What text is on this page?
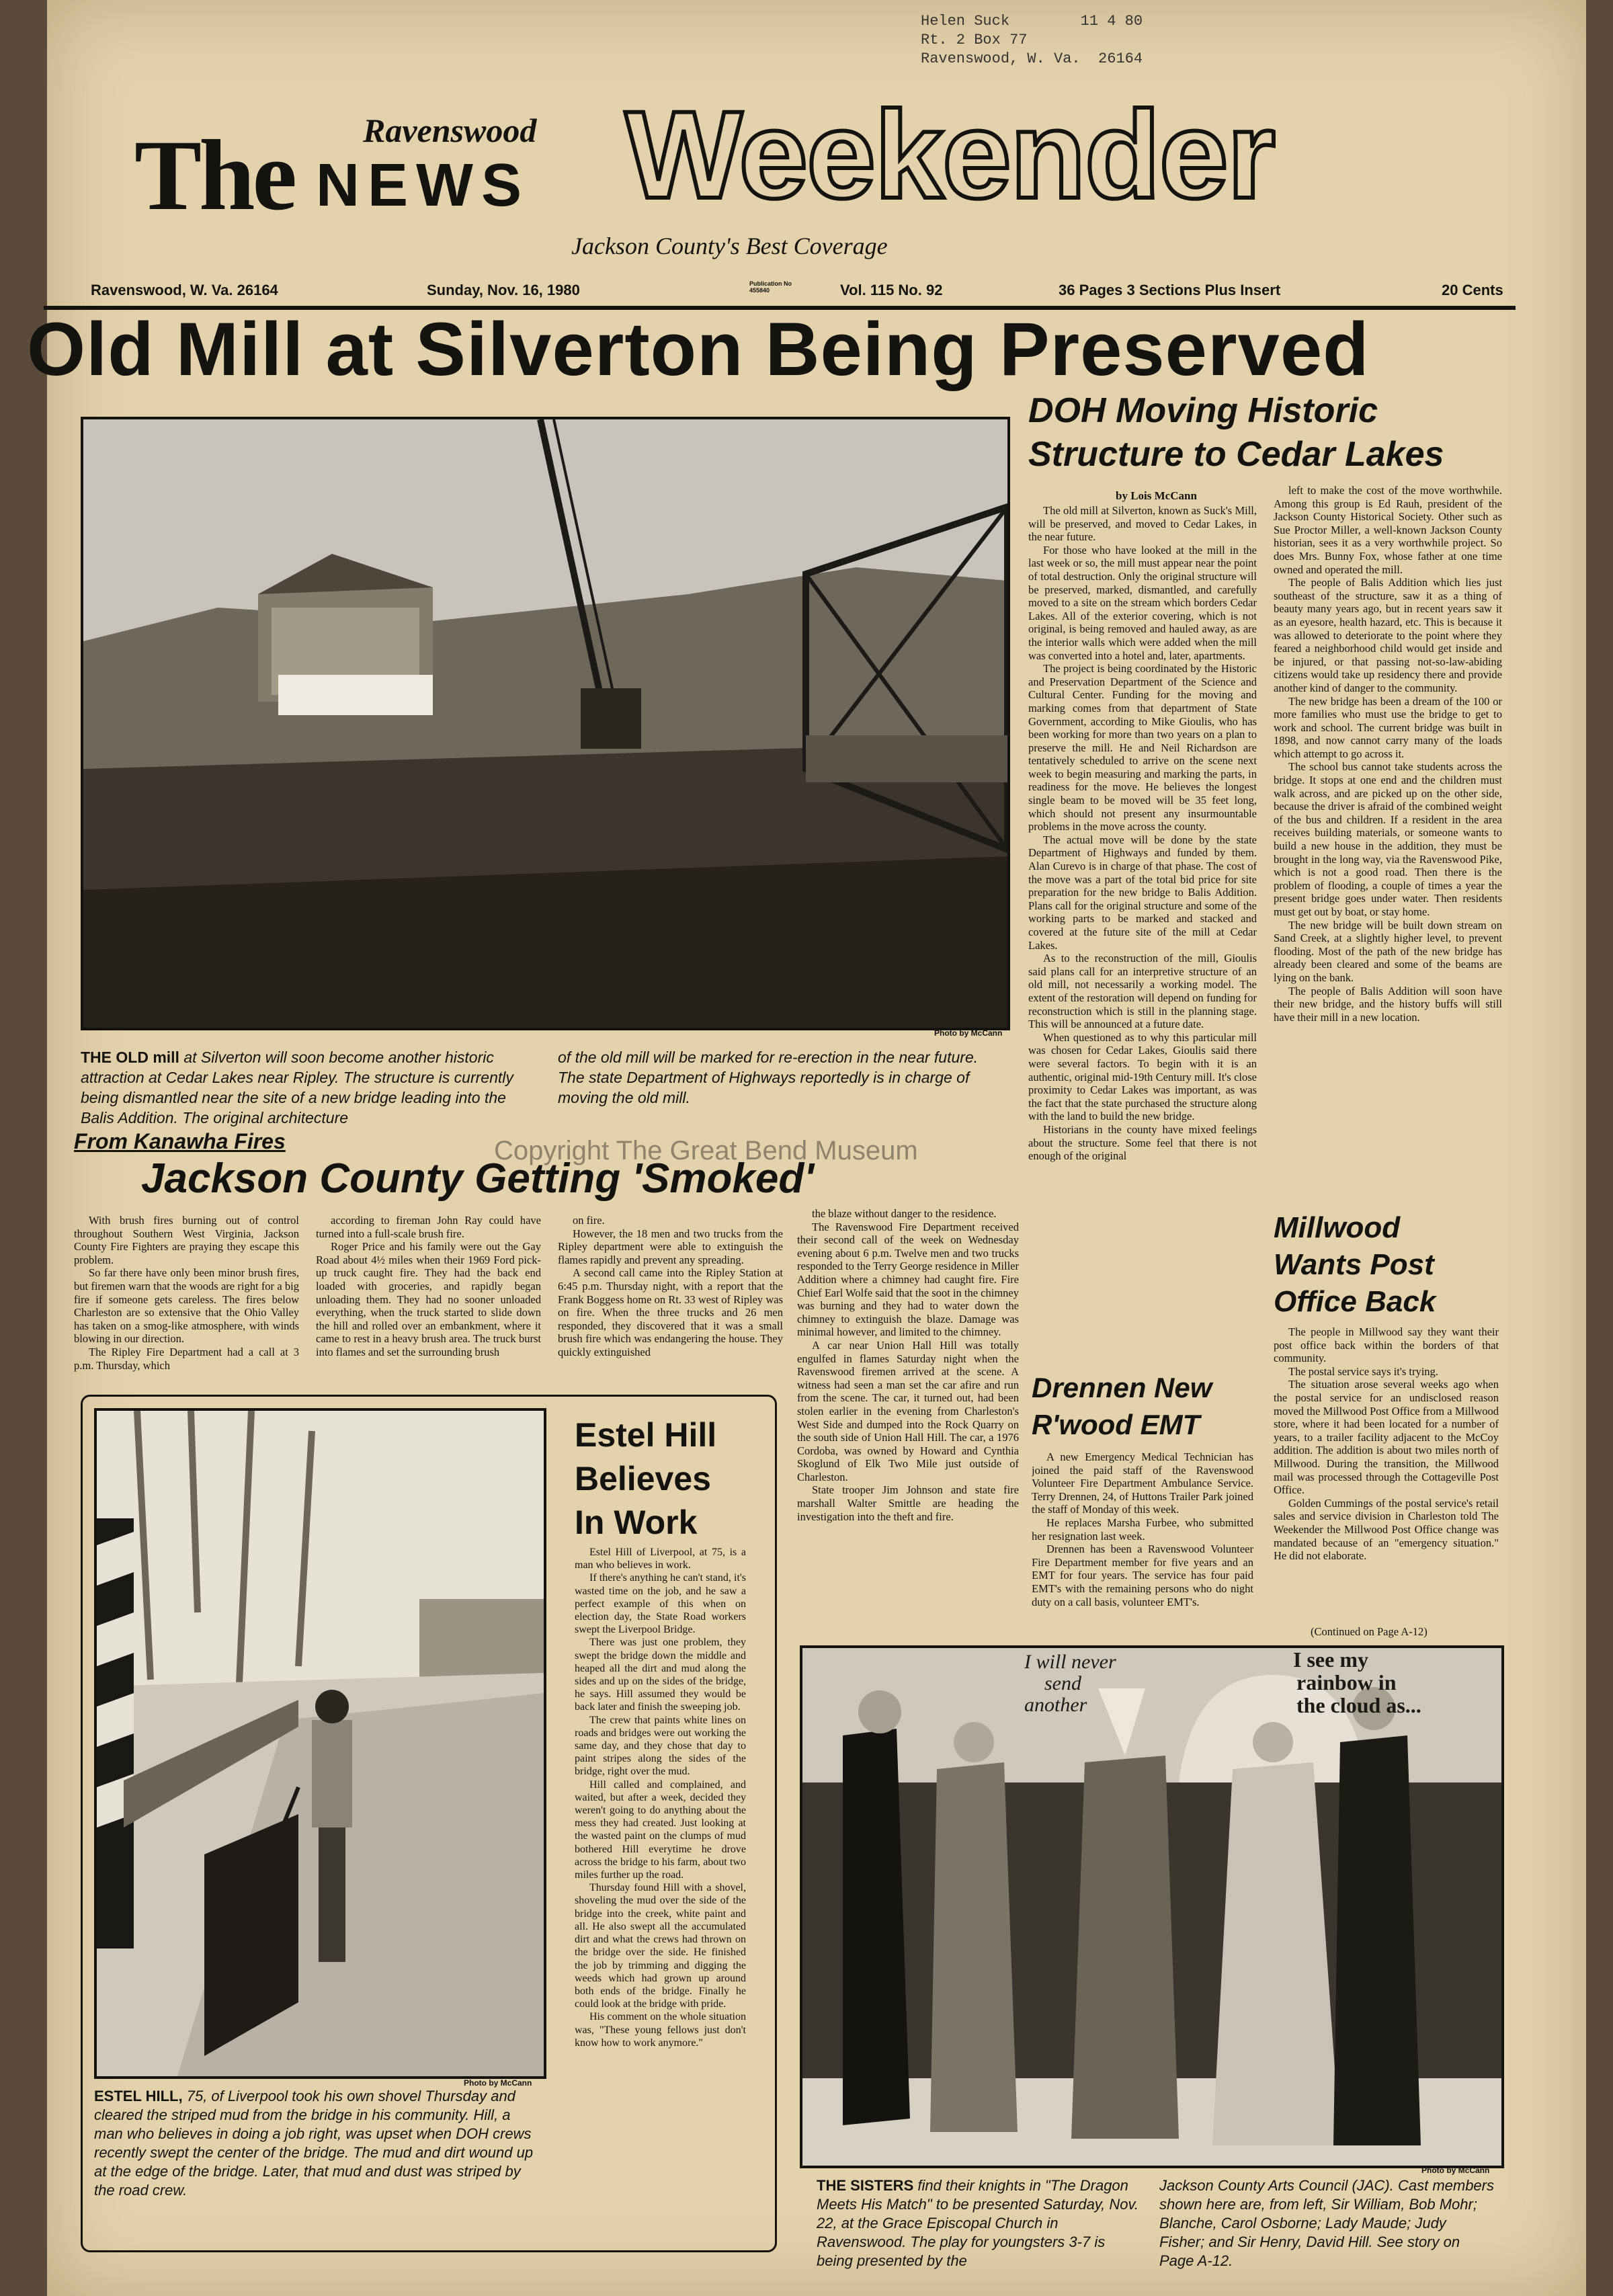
Helen Suck        11 4 80
Rt. 2 Box 77
Ravenswood, W. Va.  26164
The Ravenswood
NEWS Weekender
Jackson County's Best Coverage
Ravenswood, W. Va. 26164	Sunday, Nov. 16, 1980	Publication No 455840	Vol. 115 No. 92	36 Pages 3 Sections Plus Insert	20 Cents
Old Mill at Silverton Being Preserved
Photo by McCann
THE OLD mill at Silverton will soon become another historic attraction at Cedar Lakes near Ripley. The structure is currently being dismantled near the site of a new bridge leading into the Balis Addition. The original architecture
of the old mill will be marked for re-erection in the near future. The state Department of Highways reportedly is in charge of moving the old mill.
DOH Moving Historic
Structure to Cedar Lakes
by Lois McCann

The old mill at Silverton, known as Suck's Mill, will be preserved, and moved to Cedar Lakes, in the near future.

For those who have looked at the mill in the last week or so, the mill must appear near the point of total destruction. Only the original structure will be preserved, marked, dismantled, and carefully moved to a site on the stream which borders Cedar Lakes. All of the exterior covering, which is not original, is being removed and hauled away, as are the interior walls which were added when the mill was converted into a hotel and, later, apartments.

The project is being coordinated by the Historic and Preservation Department of the Science and Cultural Center. Funding for the moving and marking comes from that department of State Government, according to Mike Gioulis, who has been working for more than two years on a plan to preserve the mill. He and Neil Richardson are tentatively scheduled to arrive on the scene next week to begin measuring and marking the parts, in readiness for the move. He believes the longest single beam to be moved will be 35 feet long, which should not present any insurmountable problems in the move across the county.

The actual move will be done by the state Department of Highways and funded by them. Alan Curevo is in charge of that phase. The cost of the move was a part of the total bid price for site preparation for the new bridge to Balis Addition. Plans call for the original structure and some of the working parts to be marked and stacked and covered at the future site of the mill at Cedar Lakes.

As to the reconstruction of the mill, Gioulis said plans call for an interpretive structure of an old mill, not necessarily a working model. The extent of the restoration will depend on funding for reconstruction which is still in the planning stage. This will be announced at a future date.

When questioned as to why this particular mill was chosen for Cedar Lakes, Gioulis said there were several factors. To begin with it is an authentic, original mid-19th Century mill. It's close proximity to Cedar Lakes was important, as was the fact that the state purchased the structure along with the land to build the new bridge.

Historians in the county have mixed feelings about the structure. Some feel that there is not enough of the original

left to make the cost of the move worthwhile. Among this group is Ed Rauh, president of the Jackson County Historical Society. Other such as Sue Proctor Miller, a well-known Jackson County historian, sees it as a very worthwhile project. So does Mrs. Bunny Fox, whose father at one time owned and operated the mill.

The people of Balis Addition which lies just southeast of the structure, saw it as a thing of beauty many years ago, but in recent years saw it as an eyesore, health hazard, etc. This is because it was allowed to deteriorate to the point where they feared a neighborhood child would get inside and be injured, or that passing not-so-law-abiding citizens would take up residency there and provide another kind of danger to the community.

The new bridge has been a dream of the 100 or more families who must use the bridge to get to work and school. The current bridge was built in 1898, and now cannot carry many of the loads which attempt to go across it.

The school bus cannot take students across the bridge. It stops at one end and the children must walk across, and are picked up on the other side, because the driver is afraid of the combined weight of the bus and children. If a resident in the area receives building materials, or someone wants to build a new house in the addition, they must be brought in the long way, via the Ravenswood Pike, which is not a good road. Then there is the problem of flooding, a couple of times a year the present bridge goes under water. Then residents must get out by boat, or stay home.

The new bridge will be built down stream on Sand Creek, at a slightly higher level, to prevent flooding. Most of the path of the new bridge has already been cleared and some of the beams are lying on the bank.

The people of Balis Addition will soon have their new bridge, and the history buffs will still have their mill in a new location.

Copyright The Great Bend Museum
From Kanawha Fires
Jackson County Getting 'Smoked'

With brush fires burning out of control throughout Southern West Virginia, Jackson County Fire Fighters are praying they escape this problem.

So far there have only been minor brush fires, but firemen warn that the woods are right for a big fire if someone gets careless. The fires below Charleston are so extensive that the Ohio Valley has taken on a smog-like atmosphere, with winds blowing in our direction.

The Ripley Fire Department had a call at 3 p.m. Thursday, which

according to fireman John Ray could have turned into a full-scale brush fire.

Roger Price and his family were out the Gay Road about 4½ miles when their 1969 Ford pick-up truck caught fire. They had the back end loaded with groceries, and rapidly began unloading them. They had no sooner unloaded everything, when the truck started to slide down the hill and rolled over an embankment, where it came to rest in a heavy brush area. The truck burst into flames and set the surrounding brush

on fire.

However, the 18 men and two trucks from the Ripley department were able to extinguish the flames rapidly and prevent any spreading.

A second call came into the Ripley Station at 6:45 p.m. Thursday night, with a report that the Frank Boggess home on Rt. 33 west of Ripley was on fire. When the three trucks and 26 men responded, they discovered that it was a small brush fire which was endangering the house. They quickly extinguished

the blaze without danger to the residence.

The Ravenswood Fire Department received their second call of the week on Wednesday evening about 6 p.m. Twelve men and two trucks responded to the Terry George residence in Miller Addition where a chimney had caught fire. Fire Chief Earl Wolfe said that the soot in the chimney was burning and they had to water down the chimney to extinguish the blaze. Damage was minimal however, and limited to the chimney.

A car near Union Hall Hill was totally engulfed in flames Saturday night when the Ravenswood firemen arrived at the scene. A witness had seen a man set the car afire and run from the scene. The car, it turned out, had been stolen earlier in the evening from Charleston's West Side and dumped into the Rock Quarry on the south side of Union Hall Hill. The car, a 1976 Cordoba, was owned by Howard and Cynthia Skoglund of Elk Two Mile just outside of Charleston.

State trooper Jim Johnson and state fire marshall Walter Smittle are heading the investigation into the theft and fire.

Photo by McCann
ESTEL HILL, 75, of Liverpool took his own shovel Thursday and cleared the striped mud from the bridge in his community. Hill, a man who believes in doing a job right, was upset when DOH crews recently swept the center of the bridge. The mud and dirt wound up at the edge of the bridge. Later, that mud and dust was striped by the road crew.
Estel Hill
Believes
In Work

Estel Hill of Liverpool, at 75, is a man who believes in work.

If there's anything he can't stand, it's wasted time on the job, and he saw a perfect example of this when on election day, the State Road workers swept the Liverpool Bridge.

There was just one problem, they swept the bridge down the middle and heaped all the dirt and mud along the sides and up on the sides of the bridge, he says. Hill assumed they would be back later and finish the sweeping job.

The crew that paints white lines on roads and bridges were out working the same day, and they chose that day to paint stripes along the sides of the bridge, right over the mud.

Hill called and complained, and waited, but after a week, decided they weren't going to do anything about the mess they had created. Just looking at the wasted paint on the clumps of mud bothered Hill everytime he drove across the bridge to his farm, about two miles further up the road.

Thursday found Hill with a shovel, shoveling the mud over the side of the bridge into the creek, white paint and all. He also swept all the accumulated dirt and what the crews had thrown on the bridge over the side. He finished the job by trimming and digging the weeds which had grown up around both ends of the bridge. Finally he could look at the bridge with pride.

His comment on the whole situation was, "These young fellows just don't know how to work anymore."

Drennen New
R'wood EMT

A new Emergency Medical Technician has joined the paid staff of the Ravenswood Volunteer Fire Department Ambulance Service. Terry Drennen, 24, of Huttons Trailer Park joined the staff of Monday of this week.

He replaces Marsha Furbee, who submitted her resignation last week.

Drennen has been a Ravenswood Volunteer Fire Department member for five years and an EMT for four years. The service has four paid EMT's with the remaining persons who do night duty on a call basis, volunteer EMT's.

Millwood
Wants Post
Office Back

The people in Millwood say they want their post office back within the borders of that community.

The postal service says it's trying.

The situation arose several weeks ago when the postal service for an undisclosed reason moved the Millwood Post Office from a Millwood store, where it had been located for a number of years, to a trailer facility adjacent to the McCoy addition. The addition is about two miles north of Millwood. During the transition, the Millwood mail was processed through the Cottageville Post Office.

Golden Cummings of the postal service's retail sales and service division in Charleston told The Weekender the Millwood Post Office change was mandated because of an "emergency situation." He did not elaborate.

(Continued on Page A-12)
I will never
send
another
I see my
rainbow in
the cloud as...
Photo by McCann
THE SISTERS find their knights in "The Dragon Meets His Match" to be presented Saturday, Nov. 22, at the Grace Episcopal Church in Ravenswood. The play for youngsters 3-7 is being presented by the
Jackson County Arts Council (JAC). Cast members shown here are, from left, Sir William, Bob Mohr; Blanche, Carol Osborne; Lady Maude; Judy Fisher; and Sir Henry, David Hill. See story on Page A-12.
